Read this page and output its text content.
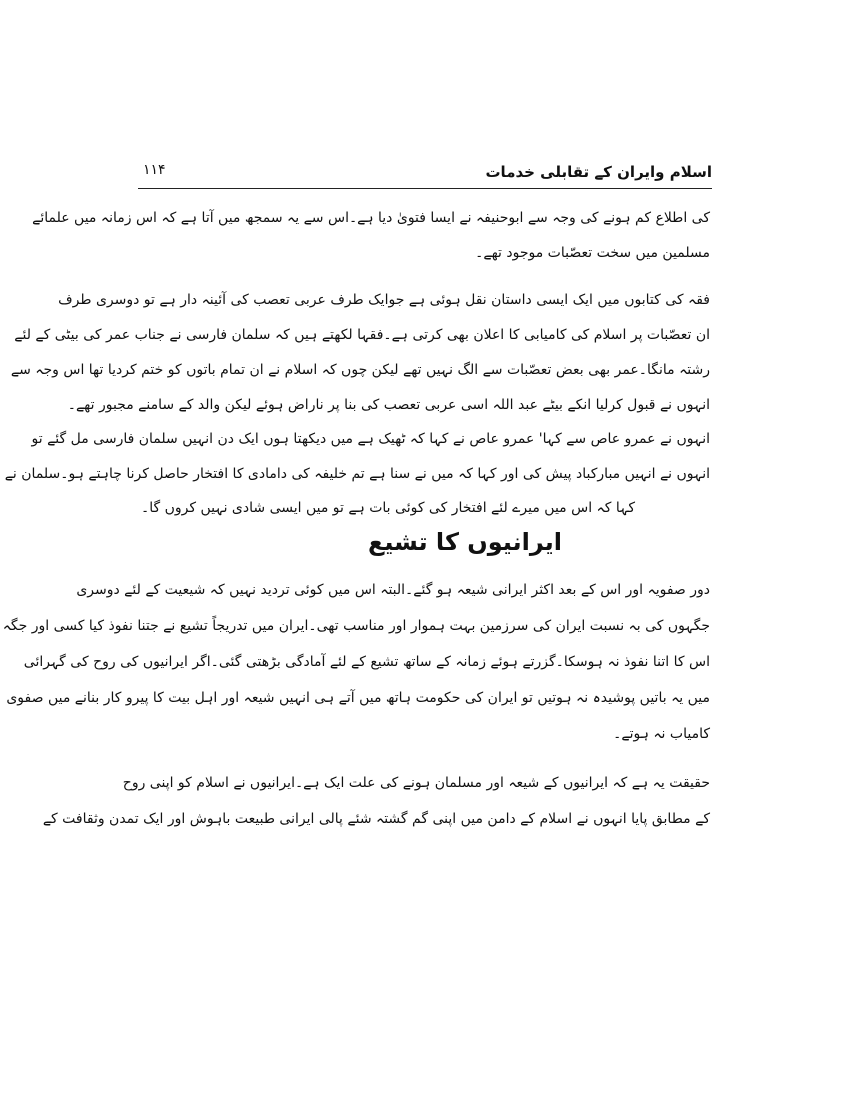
اسلام وایران کے تقابلی خدمات
۱۱۴
کی اطلاع کم ہونے کی وجہ سے ابوحنیفہ نے ایسا فتویٰ دیا ہے۔اس سے یہ سمجھ میں آتا ہے کہ اس زمانہ میں علمائے
مسلمین میں سخت تعصّبات موجود تھے۔
فقہ کی کتابوں میں ایک ایسی داستان نقل ہوئی ہے جوایک طرف عربی تعصب کی آئینہ دار ہے تو دوسری طرف
ان تعصّبات پر اسلام کی کامیابی کا اعلان بھی کرتی ہے۔فقہا لکھتے ہیں کہ سلمان فارسی نے جناب عمر کی بیٹی کے لئے
رشتہ مانگا۔عمر بھی بعض تعصّبات سے الگ نہیں تھے لیکن چوں کہ اسلام نے ان تمام باتوں کو ختم کردیا تھا اس وجہ سے
انہوں نے قبول کرلیا انکے بیٹے عبد اللہ اسی عربی تعصب کی بنا پر ناراض ہوئے لیکن والد کے سامنے مجبور تھے۔
انہوں نے عمرو عاص سے کہا' عمرو عاص نے کہا کہ ٹھیک ہے میں دیکھتا ہوں ایک دن انہیں سلمان فارسی مل گئے تو
انہوں نے انہیں مبارکباد پیش کی اور کہا کہ میں نے سنا ہے تم خلیفہ کی دامادی کا افتخار حاصل کرنا چاہتے ہو۔سلمان نے
کہا کہ اس میں میرے لئے افتخار کی کوئی بات ہے تو میں ایسی شادی نہیں کروں گا۔
ایرانیوں کا تشیع
دور صفویہ اور اس کے بعد اکثر ایرانی شیعہ ہو گئے۔البتہ اس میں کوئی تردید نہیں کہ شیعیت کے لئے دوسری
جگہوں کی بہ نسبت ایران کی سرزمین بہت ہموار اور مناسب تھی۔ایران میں تدریجاً تشیع نے جتنا نفوذ کیا کسی اور جگہ
اس کا اتنا نفوذ نہ ہوسکا۔گزرتے ہوئے زمانہ کے ساتھ تشیع کے لئے آمادگی بڑھتی گئی۔اگر ایرانیوں کی روح کی گہرائی
میں یہ باتیں پوشیدہ نہ ہوتیں تو ایران کی حکومت ہاتھ میں آتے ہی انہیں شیعہ اور اہل بیت کا پیرو کار بنانے میں صفوی
کامیاب نہ ہوتے۔
حقیقت یہ ہے کہ ایرانیوں کے شیعہ اور مسلمان ہونے کی علت ایک ہے۔ایرانیوں نے اسلام کو اپنی روح
کے مطابق پایا انہوں نے اسلام کے دامن میں اپنی گم گشتہ شئے پالی ایرانی طبیعت باہوش اور ایک تمدن وثقافت کے
